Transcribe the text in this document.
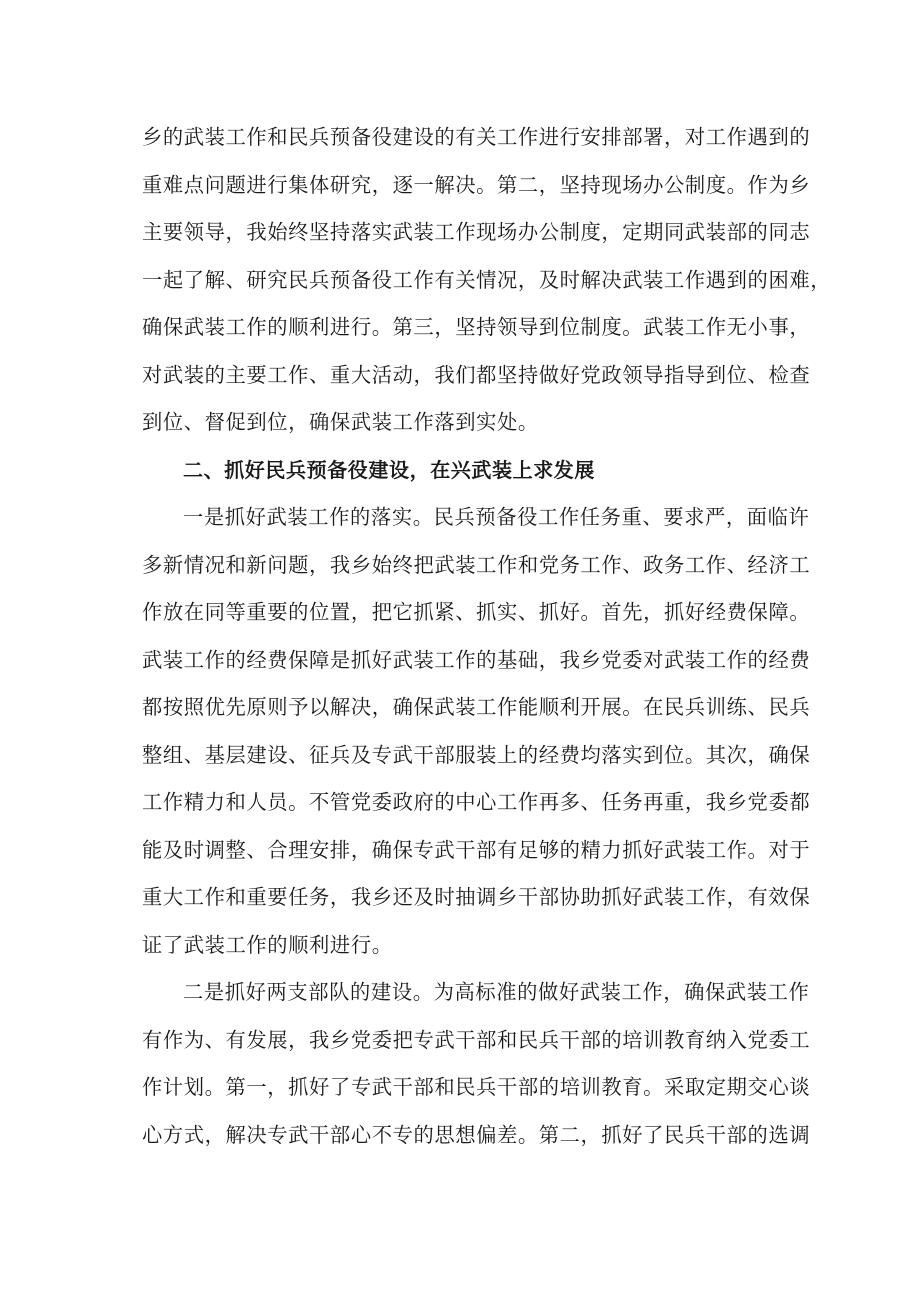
乡的武装工作和民兵预备役建设的有关工作进行安排部署，对工作遇到的
重难点问题进行集体研究，逐一解决。第二，坚持现场办公制度。作为乡
主要领导，我始终坚持落实武装工作现场办公制度，定期同武装部的同志
一起了解、研究民兵预备役工作有关情况，及时解决武装工作遇到的困难，
确保武装工作的顺利进行。第三，坚持领导到位制度。武装工作无小事，
对武装的主要工作、重大活动，我们都坚持做好党政领导指导到位、检查
到位、督促到位，确保武装工作落到实处。
二、抓好民兵预备役建设，在兴武装上求发展
一是抓好武装工作的落实。民兵预备役工作任务重、要求严，面临许
多新情况和新问题，我乡始终把武装工作和党务工作、政务工作、经济工
作放在同等重要的位置，把它抓紧、抓实、抓好。首先，抓好经费保障。
武装工作的经费保障是抓好武装工作的基础，我乡党委对武装工作的经费
都按照优先原则予以解决，确保武装工作能顺利开展。在民兵训练、民兵
整组、基层建设、征兵及专武干部服装上的经费均落实到位。其次，确保
工作精力和人员。不管党委政府的中心工作再多、任务再重，我乡党委都
能及时调整、合理安排，确保专武干部有足够的精力抓好武装工作。对于
重大工作和重要任务，我乡还及时抽调乡干部协助抓好武装工作，有效保
证了武装工作的顺利进行。
二是抓好两支部队的建设。为高标准的做好武装工作，确保武装工作
有作为、有发展，我乡党委把专武干部和民兵干部的培训教育纳入党委工
作计划。第一，抓好了专武干部和民兵干部的培训教育。采取定期交心谈
心方式，解决专武干部心不专的思想偏差。第二，抓好了民兵干部的选调
